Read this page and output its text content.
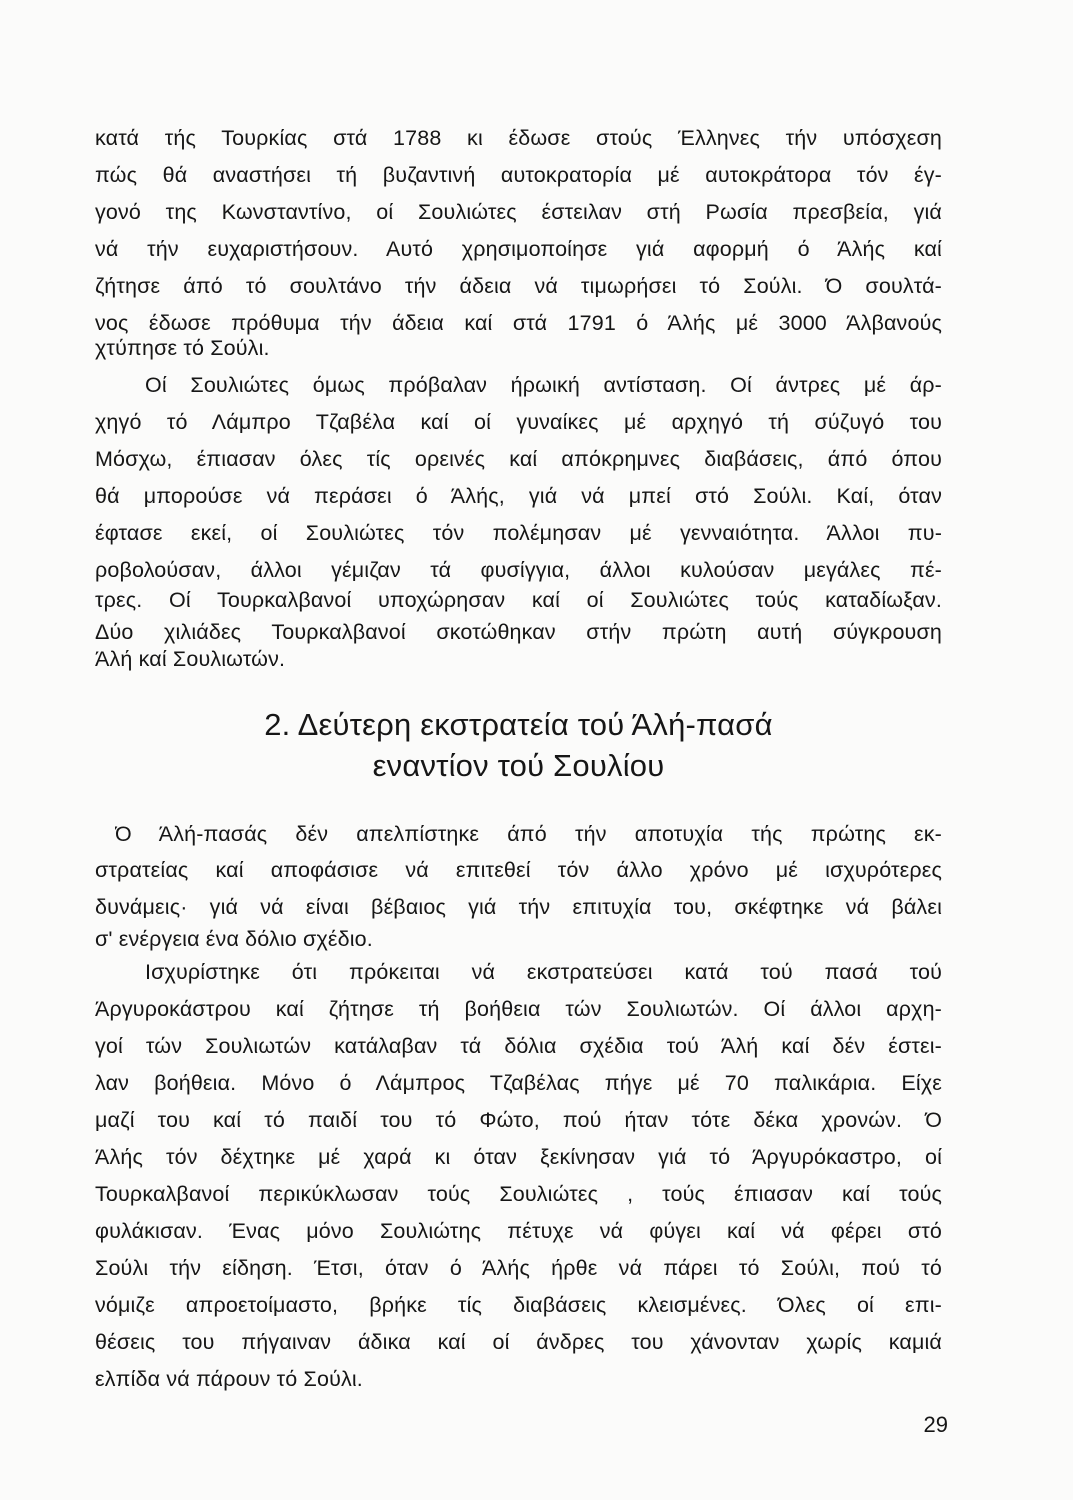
κατά τής Τουρκίας στά 1788 κι έδωσε στούς Έλληνες τήν υπόσχεση
πώς θά αναστήσει τή βυζαντινή αυτοκρατορία μέ αυτοκράτορα τόν έγ-
γονό της Κωνσταντίνο, οί Σουλιώτες έστειλαν στή Ρωσία πρεσβεία, γιά
νά τήν ευχαριστήσουν. Αυτό χρησιμοποίησε γιά αφορμή ό Άλής καί
ζήτησε άπό τό σουλτάνο τήν άδεια νά τιμωρήσει τό Σούλι. Ό σουλτά-
νος έδωσε πρόθυμα τήν άδεια καί στά 1791 ό Άλής μέ 3000 Άλβανούς
χτύπησε τό Σούλι.
Οί Σουλιώτες όμως πρόβαλαν ήρωική αντίσταση. Οί άντρες μέ άρ-
χηγό τό Λάμπρο Τζαβέλα καί οί γυναίκες μέ αρχηγό τή σύζυγό του
Μόσχω, έπιασαν όλες τίς ορεινές καί απόκρημνες διαβάσεις, άπό όπου
θά μπορούσε νά περάσει ό Άλής, γιά νά μπεί στό Σούλι. Καί, όταν
έφτασε εκεί, οί Σουλιώτες τόν πολέμησαν μέ γενναιότητα. Άλλοι πυ-
ροβολούσαν, άλλοι γέμιζαν τά φυσίγγια, άλλοι κυλούσαν μεγάλες πέ-
τρες. Οί Τουρκαλβανοί υποχώρησαν καί οί Σουλιώτες τούς καταδίωξαν.
Δύο χιλιάδες Τουρκαλβανοί σκοτώθηκαν στήν πρώτη αυτή σύγκρουση
Άλή καί Σουλιωτών.
2. Δεύτερη εκστρατεία τού Άλή-πασά
εναντίον τού Σουλίου
Ό Άλή-πασάς δέν απελπίστηκε άπό τήν αποτυχία τής πρώτης εκ-
στρατείας καί αποφάσισε νά επιτεθεί τόν άλλο χρόνο μέ ισχυρότερες
δυνάμεις· γιά νά είναι βέβαιος γιά τήν επιτυχία του, σκέφτηκε νά βάλει
σ' ενέργεια ένα δόλιο σχέδιο.
Ισχυρίστηκε ότι πρόκειται νά εκστρατεύσει κατά τού πασά τού
Άργυροκάστρου καί ζήτησε τή βοήθεια τών Σουλιωτών. Οί άλλοι αρχη-
γοί τών Σουλιωτών κατάλαβαν τά δόλια σχέδια τού Άλή καί δέν έστει-
λαν βοήθεια. Μόνο ό Λάμπρος Τζαβέλας πήγε μέ 70 παλικάρια. Είχε
μαζί του καί τό παιδί του τό Φώτο, πού ήταν τότε δέκα χρονών. Ό
Άλής τόν δέχτηκε μέ χαρά κι όταν ξεκίνησαν γιά τό Άργυρόκαστρο, οί
Τουρκαλβανοί περικύκλωσαν τούς Σουλιώτες , τούς έπιασαν καί τούς
φυλάκισαν. Ένας μόνο Σουλιώτης πέτυχε νά φύγει καί νά φέρει στό
Σούλι τήν είδηση. Έτσι, όταν ό Άλής ήρθε νά πάρει τό Σούλι, πού τό
νόμιζε απροετοίμαστο, βρήκε τίς διαβάσεις κλεισμένες. Όλες οί επι-
θέσεις του πήγαιναν άδικα καί οί άνδρες του χάνονταν χωρίς καμιά
ελπίδα νά πάρουν τό Σούλι.
29
